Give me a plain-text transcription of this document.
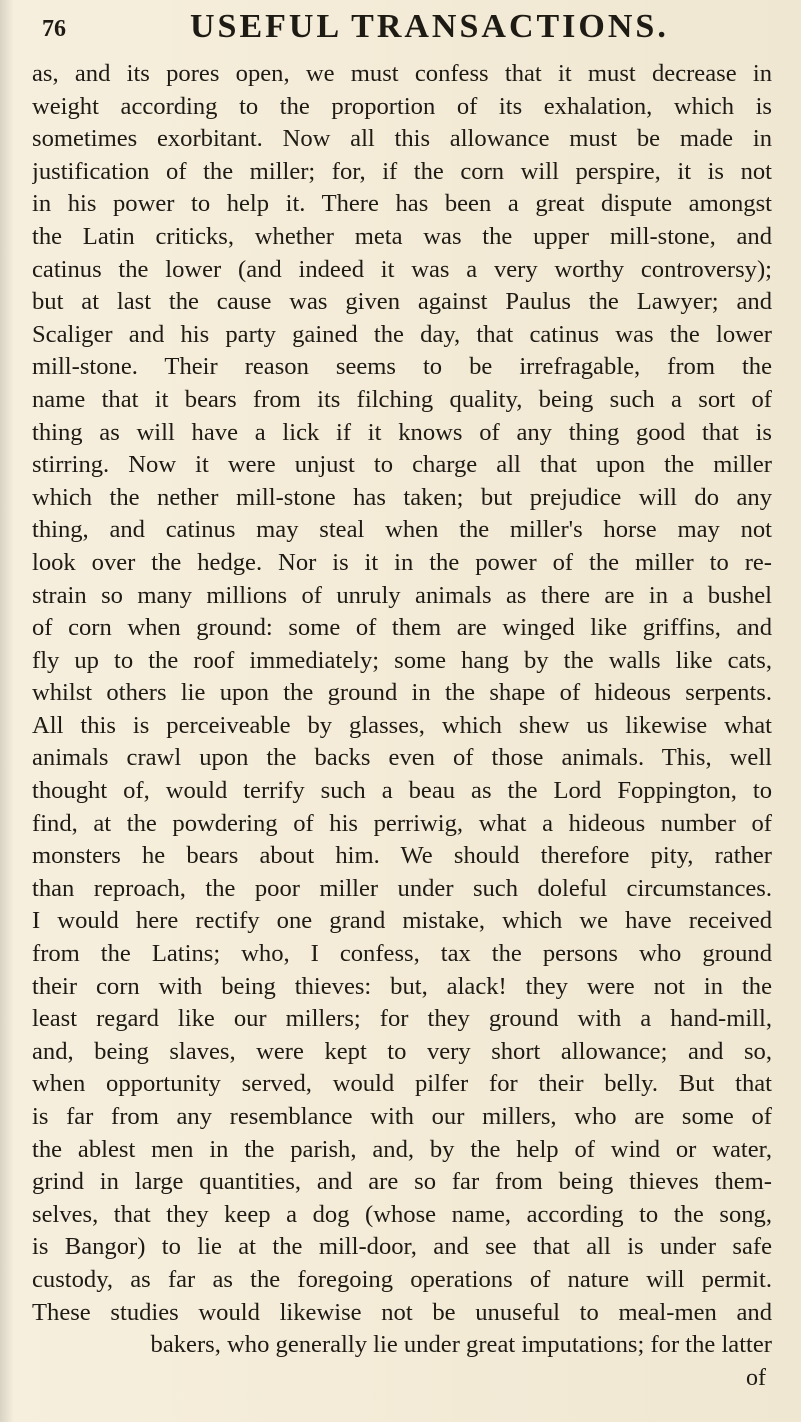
76	USEFUL TRANSACTIONS.
as, and its pores open, we must confess that it must decrease in
weight according to the proportion of its exhalation, which is
sometimes exorbitant. Now all this allowance must be made in
justification of the miller; for, if the corn will perspire, it is not
in his power to help it. There has been a great dispute amongst
the Latin criticks, whether meta was the upper mill-stone, and
catinus the lower (and indeed it was a very worthy controversy);
but at last the cause was given against Paulus the Lawyer; and
Scaliger and his party gained the day, that catinus was the lower
mill-stone. Their reason seems to be irrefragable, from the
name that it bears from its filching quality, being such a sort of
thing as will have a lick if it knows of any thing good that is
stirring. Now it were unjust to charge all that upon the miller
which the nether mill-stone has taken; but prejudice will do any
thing, and catinus may steal when the miller's horse may not
look over the hedge. Nor is it in the power of the miller to re-
strain so many millions of unruly animals as there are in a bushel
of corn when ground: some of them are winged like griffins, and
fly up to the roof immediately; some hang by the walls like cats,
whilst others lie upon the ground in the shape of hideous serpents.
All this is perceiveable by glasses, which shew us likewise what
animals crawl upon the backs even of those animals. This, well
thought of, would terrify such a beau as the Lord Foppington, to
find, at the powdering of his perriwig, what a hideous number of
monsters he bears about him. We should therefore pity, rather
than reproach, the poor miller under such doleful circumstances.
I would here rectify one grand mistake, which we have received
from the Latins; who, I confess, tax the persons who ground
their corn with being thieves: but, alack! they were not in the
least regard like our millers; for they ground with a hand-mill,
and, being slaves, were kept to very short allowance; and so,
when opportunity served, would pilfer for their belly. But that
is far from any resemblance with our millers, who are some of
the ablest men in the parish, and, by the help of wind or water,
grind in large quantities, and are so far from being thieves them-
selves, that they keep a dog (whose name, according to the song,
is Bangor) to lie at the mill-door, and see that all is under safe
custody, as far as the foregoing operations of nature will permit.
These studies would likewise not be unuseful to meal-men and
bakers, who generally lie under great imputations; for the latter
of
